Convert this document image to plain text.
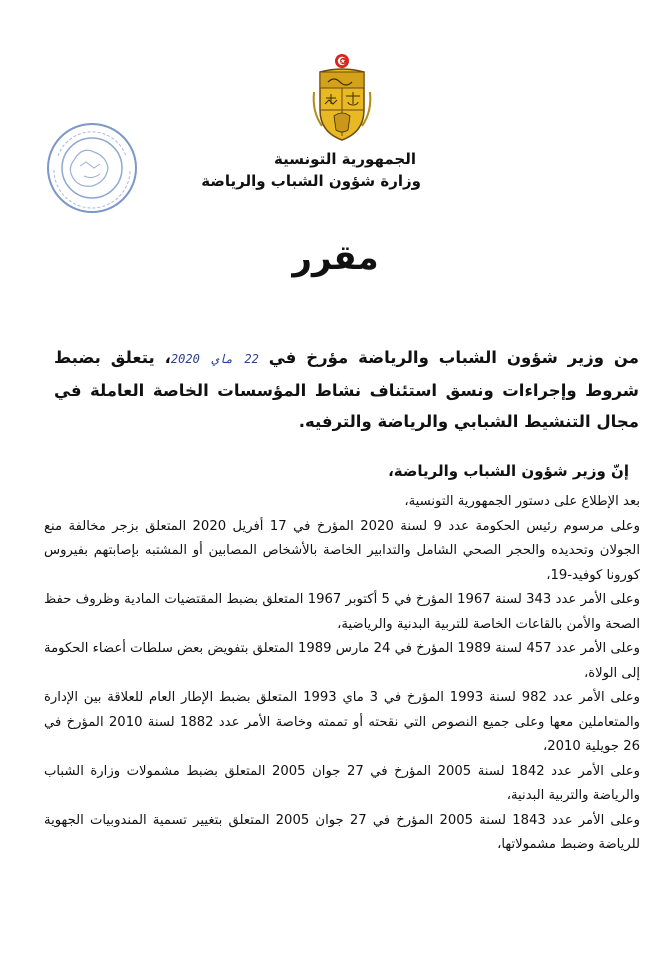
الجمهورية التونسية
وزارة شؤون الشباب والرياضة
مقرر
من وزير شؤون الشباب والرياضة مؤرخ في 22 ماي 2020، يتعلق بضبط شروط وإجراءات ونسق استئناف نشاط المؤسسات الخاصة العاملة في مجال التنشيط الشبابي والرياضة والترفيه.
إنّ وزير شؤون الشباب والرياضة،

بعد الإطلاع على دستور الجمهورية التونسية،

وعلى مرسوم رئيس الحكومة عدد 9 لسنة 2020 المؤرخ في 17 أفريل 2020 المتعلق بزجر مخالفة منع الجولان وتحديده والحجر الصحي الشامل والتدابير الخاصة بالأشخاص المصابين أو المشتبه بإصابتهم بفيروس كورونا كوفيد-19،

وعلى الأمر عدد 343 لسنة 1967 المؤرخ في 5 أكتوبر 1967 المتعلق بضبط المقتضيات المادية وظروف حفظ الصحة والأمن بالقاعات الخاصة للتربية البدنية والرياضية،

وعلى الأمر عدد 457 لسنة 1989 المؤرخ في 24 مارس 1989 المتعلق بتفويض بعض سلطات أعضاء الحكومة إلى الولاة،

وعلى الأمر عدد 982 لسنة 1993 المؤرخ في 3 ماي 1993 المتعلق بضبط الإطار العام للعلاقة بين الإدارة والمتعاملين معها وعلى جميع النصوص التي نقحته أو تممته وخاصة الأمر عدد 1882 لسنة 2010 المؤرخ في 26 جويلية 2010،

وعلى الأمر عدد 1842 لسنة 2005 المؤرخ في 27 جوان 2005 المتعلق بضبط مشمولات وزارة الشباب والرياضة والتربية البدنية،

وعلى الأمر عدد 1843 لسنة 2005 المؤرخ في 27 جوان 2005 المتعلق بتغيير تسمية المندوبيات الجهوية للرياضة وضبط مشمولاتها،
